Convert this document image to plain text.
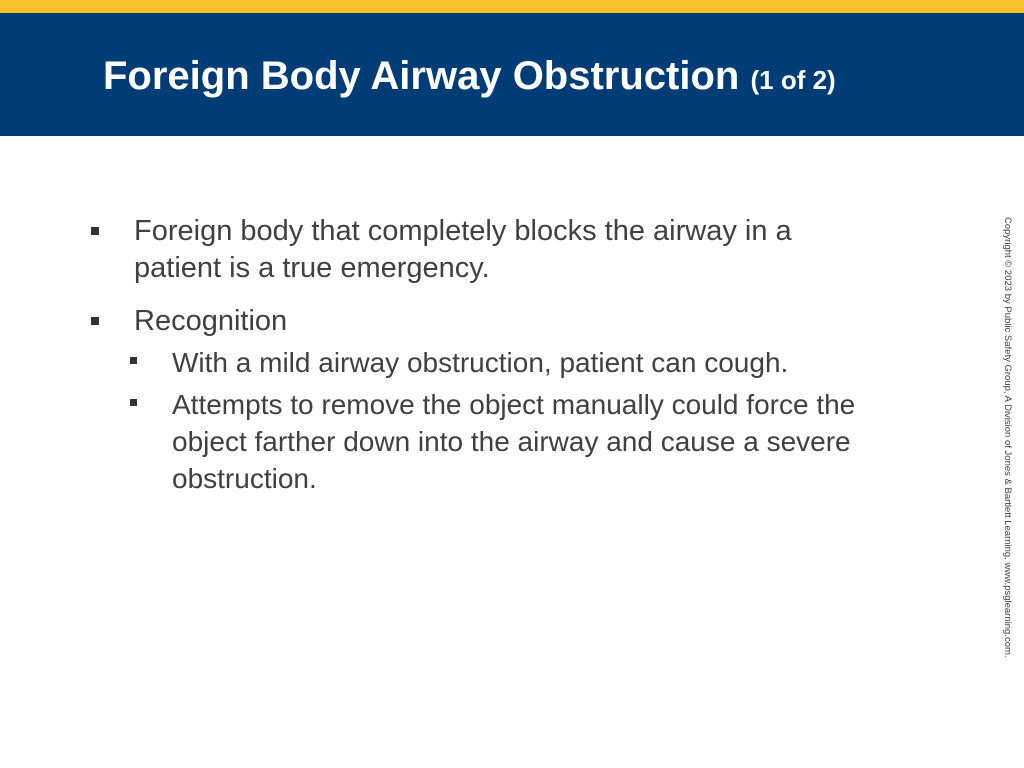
Foreign Body Airway Obstruction (1 of 2)
Foreign body that completely blocks the airway in a patient is a true emergency.
Recognition
With a mild airway obstruction, patient can cough.
Attempts to remove the object manually could force the object farther down into the airway and cause a severe obstruction.	Copyright © 2023 by Public Safety Group, A Division of Jones & Bartlett Learning. www.psglearning.com.
